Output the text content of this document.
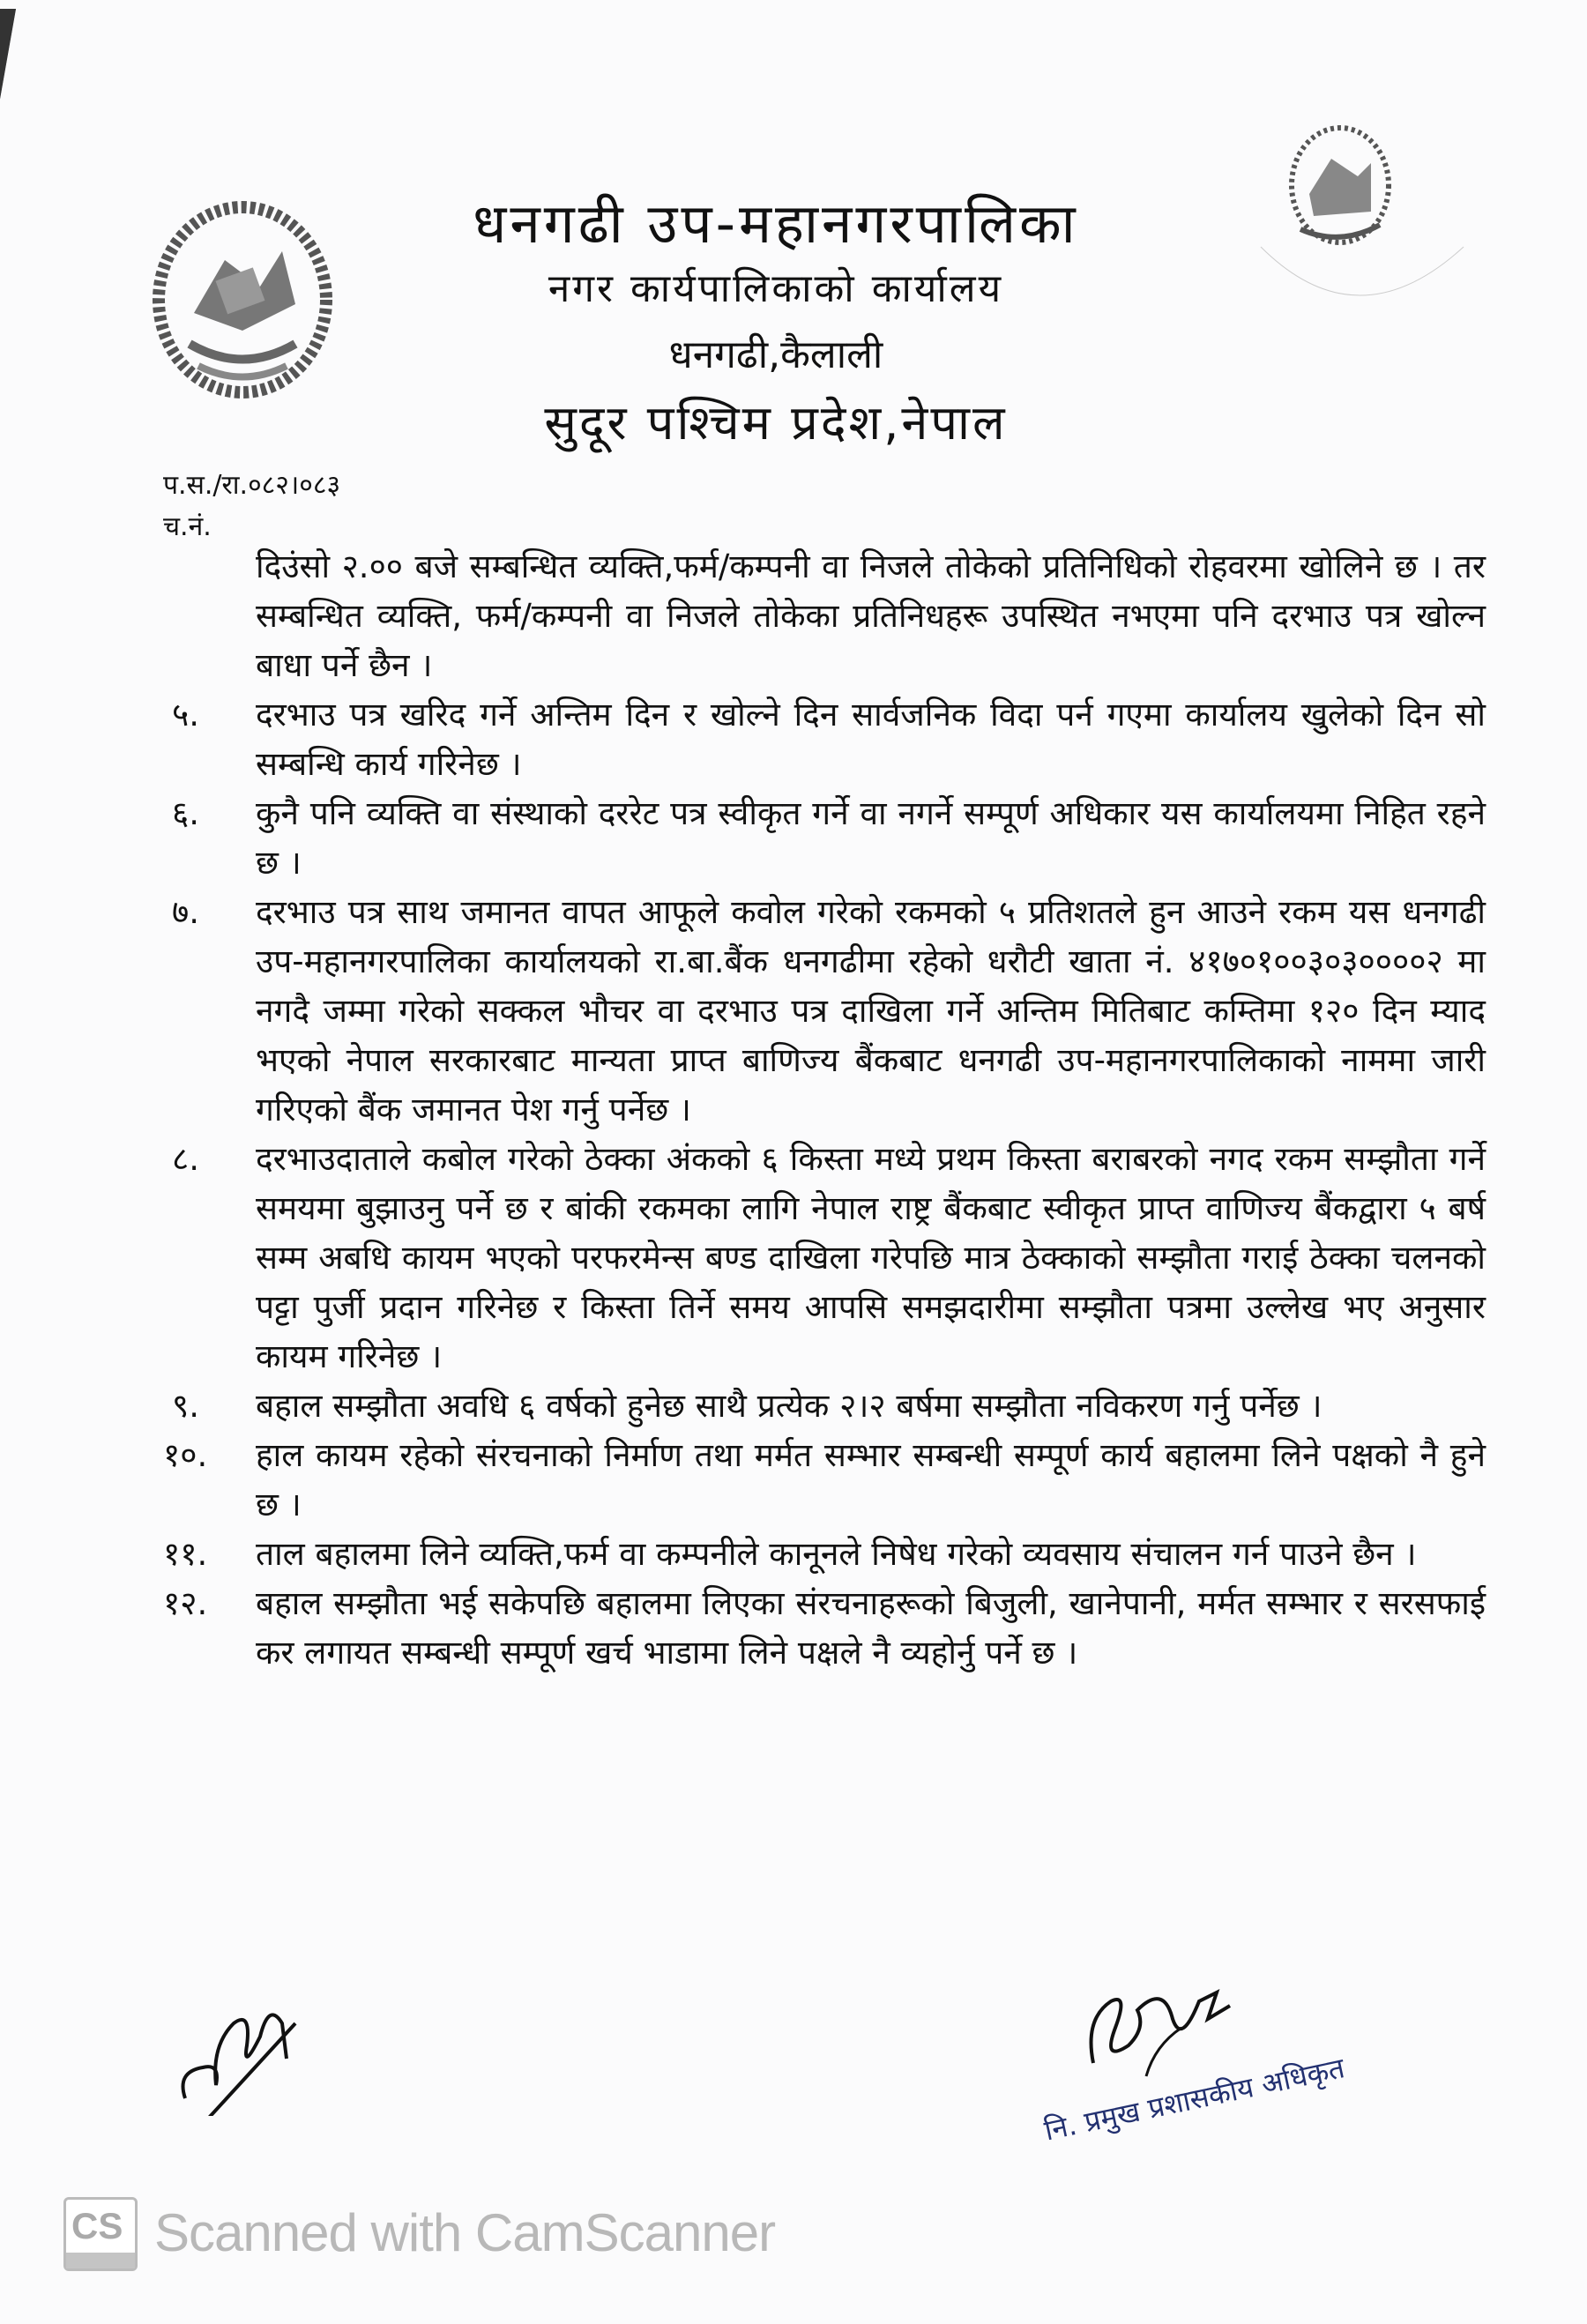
धनगढी उप-महानगरपालिका
नगर कार्यपालिकाको कार्यालय
धनगढी,कैलाली
सुदूर पश्चिम प्रदेश,नेपाल
प.स./रा.०८२।०८३
च.नं.

दिउंसो २.०० बजे सम्बन्धित व्यक्ति,फर्म/कम्पनी वा निजले तोकेको प्रतिनिधिको रोहवरमा खोलिने छ । तर सम्बन्धित व्यक्ति, फर्म/कम्पनी वा निजले तोकेका प्रतिनिधहरू उपस्थित नभएमा पनि दरभाउ पत्र खोल्न बाधा पर्ने छैन ।

५. दरभाउ पत्र खरिद गर्ने अन्तिम दिन र खोल्ने दिन सार्वजनिक विदा पर्न गएमा कार्यालय खुलेको दिन सो सम्बन्धि कार्य गरिनेछ ।
६. कुनै पनि व्यक्ति वा संस्थाको दररेट पत्र स्वीकृत गर्ने वा नगर्ने सम्पूर्ण अधिकार यस कार्यालयमा निहित रहने छ ।
७. दरभाउ पत्र साथ जमानत वापत आफूले कवोल गरेको रकमको ५ प्रतिशतले हुन आउने रकम यस धनगढी उप-महानगरपालिका कार्यालयको रा.बा.बैंक धनगढीमा रहेको धरौटी खाता नं. ४१७०१००३०३००००२ मा नगदै जम्मा गरेको सक्कल भौचर वा दरभाउ पत्र दाखिला गर्ने अन्तिम मितिबाट कम्तिमा १२० दिन म्याद भएको नेपाल सरकारबाट मान्यता प्राप्त बाणिज्य बैंकबाट धनगढी उप-महानगरपालिकाको नाममा जारी गरिएको बैंक जमानत पेश गर्नु पर्नेछ ।
८. दरभाउदाताले कबोल गरेको ठेक्का अंकको ६ किस्ता मध्ये प्रथम किस्ता बराबरको नगद रकम सम्झौता गर्ने समयमा बुझाउनु पर्ने छ र बांकी रकमका लागि नेपाल राष्ट्र बैंकबाट स्वीकृत प्राप्त वाणिज्य बैंकद्वारा ५ बर्ष सम्म अबधि कायम भएको परफरमेन्स बण्ड दाखिला गरेपछि मात्र ठेक्काको सम्झौता गराई ठेक्का चलनको पट्टा पुर्जी प्रदान गरिनेछ र किस्ता तिर्ने समय आपसि समझदारीमा सम्झौता पत्रमा उल्लेख भए अनुसार कायम गरिनेछ ।
९. बहाल सम्झौता अवधि ६ वर्षको हुनेछ साथै प्रत्येक २।२ बर्षमा सम्झौता नविकरण गर्नु पर्नेछ ।
१०. हाल कायम रहेको संरचनाको निर्माण तथा मर्मत सम्भार सम्बन्धी सम्पूर्ण कार्य बहालमा लिने पक्षको नै हुने छ ।
११. ताल बहालमा लिने व्यक्ति,फर्म वा कम्पनीले कानूनले निषेध गरेको व्यवसाय संचालन गर्न पाउने छैन ।
१२. बहाल सम्झौता भई सकेपछि बहालमा लिएका संरचनाहरूको बिजुली, खानेपानी, मर्मत सम्भार र सरसफाई कर लगायत सम्बन्धी सम्पूर्ण खर्च भाडामा लिने पक्षले नै व्यहोर्नु पर्ने छ ।
नि. प्रमुख प्रशासकीय अधिकृत
CS Scanned with CamScanner
